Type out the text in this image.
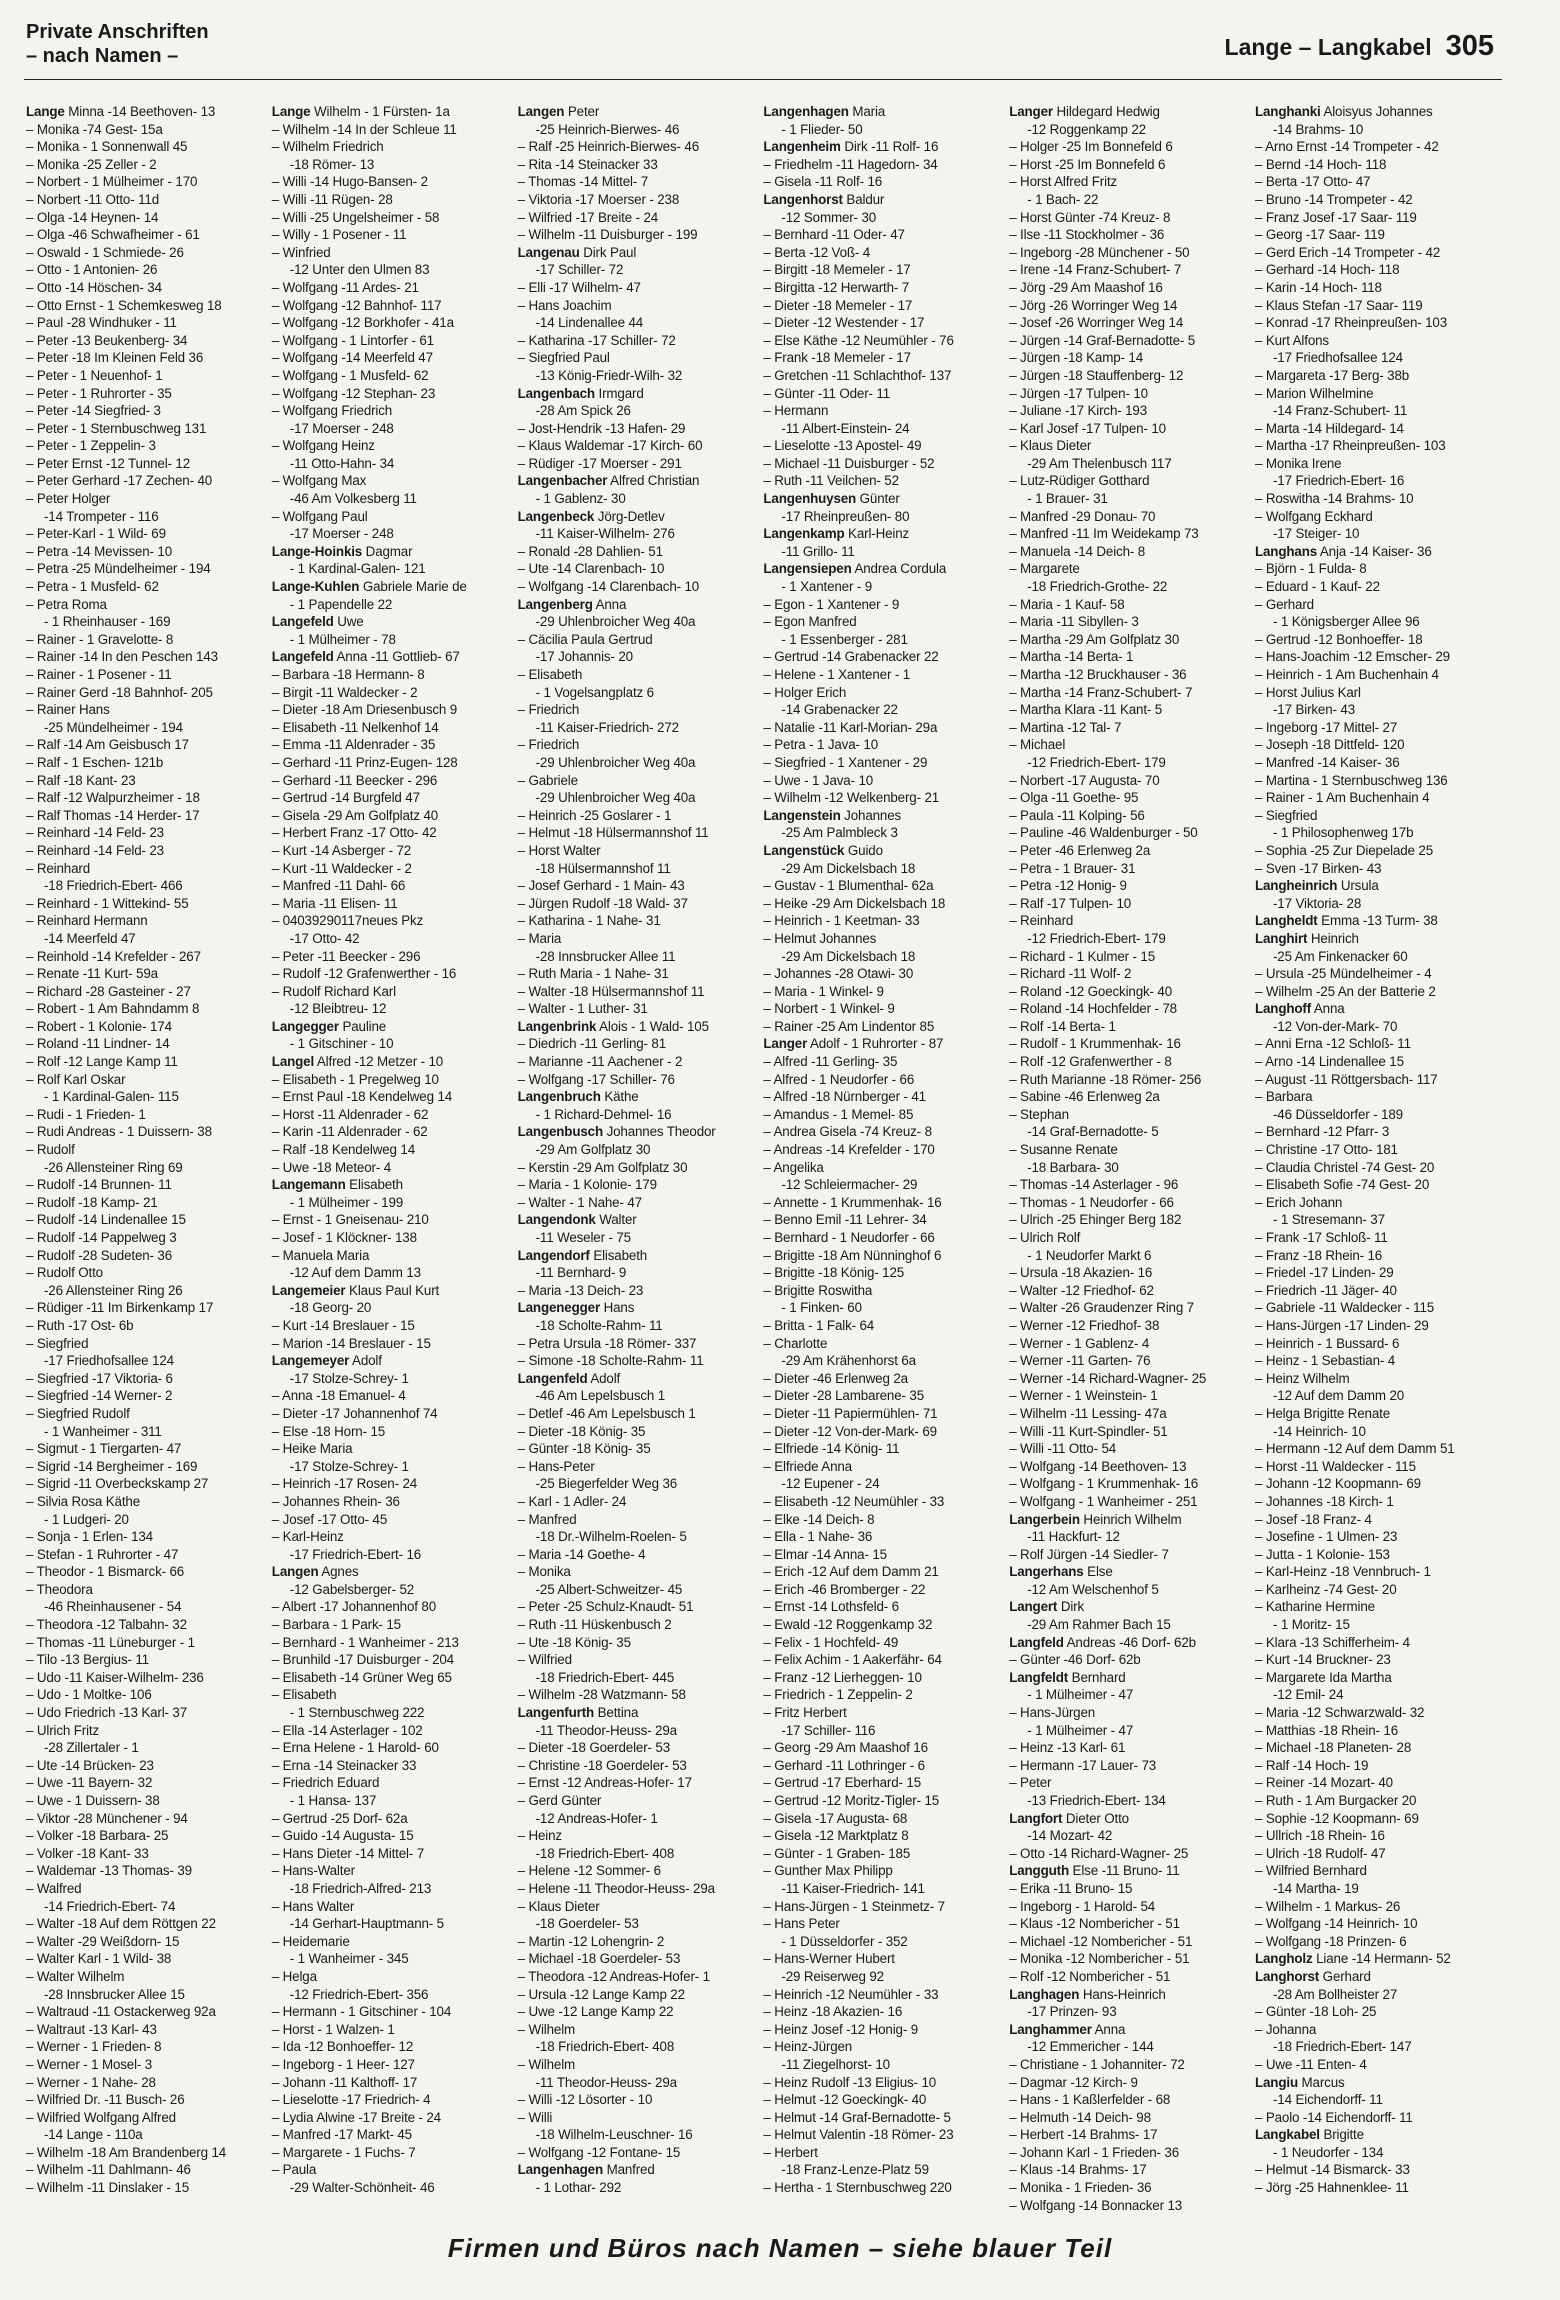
Private Anschriften
– nach Namen –	Lange – Langkabel 305
Lange Minna -14 Beethoven- 13
– Monika -74 Gest- 15a
– Monika - 1 Sonnenwall 45
– Monika -25 Zeller - 2
– Norbert - 1 Mülheimer - 170
– Norbert -11 Otto- 11d
– Olga -14 Heynen- 14
– Olga -46 Schwafheimer - 61
– Oswald - 1 Schmiede- 26
– Otto - 1 Antonien- 26
– Otto -14 Höschen- 34
– Otto Ernst - 1 Schemkesweg 18
– Paul -28 Windhuker - 11
– Peter -13 Beukenberg- 34
– Peter -18 Im Kleinen Feld 36
– Peter - 1 Neuenhof- 1
– Peter - 1 Ruhrorter - 35
– Peter -14 Siegfried- 3
– Peter - 1 Sternbuschweg 131
– Peter - 1 Zeppelin- 3
– Peter Ernst -12 Tunnel- 12
– Peter Gerhard -17 Zechen- 40
– Peter Holger
-14 Trompeter - 116
– Peter-Karl - 1 Wild- 69
– Petra -14 Mevissen- 10
– Petra -25 Mündelheimer - 194
– Petra - 1 Musfeld- 62
– Petra Roma
- 1 Rheinhauser - 169
– Rainer - 1 Gravelotte- 8
– Rainer -14 In den Peschen 143
– Rainer - 1 Posener - 11
– Rainer Gerd -18 Bahnhof- 205
– Rainer Hans
-25 Mündelheimer - 194
– Ralf -14 Am Geisbusch 17
– Ralf - 1 Eschen- 121b
– Ralf -18 Kant- 23
– Ralf -12 Walpurzheimer - 18
– Ralf Thomas -14 Herder- 17
– Reinhard -14 Feld- 23
– Reinhard -14 Feld- 23
– Reinhard
-18 Friedrich-Ebert- 466
– Reinhard - 1 Wittekind- 55
– Reinhard Hermann
-14 Meerfeld 47
– Reinhold -14 Krefelder - 267
– Renate -11 Kurt- 59a
– Richard -28 Gasteiner - 27
– Robert - 1 Am Bahndamm 8
– Robert - 1 Kolonie- 174
– Roland -11 Lindner- 14
– Rolf -12 Lange Kamp 11
– Rolf Karl Oskar
- 1 Kardinal-Galen- 115
– Rudi - 1 Frieden- 1
– Rudi Andreas - 1 Duissern- 38
– Rudolf
-26 Allensteiner Ring 69
– Rudolf -14 Brunnen- 11
– Rudolf -18 Kamp- 21
– Rudolf -14 Lindenallee 15
– Rudolf -14 Pappelweg 3
– Rudolf -28 Sudeten- 36
– Rudolf Otto
-26 Allensteiner Ring 26
– Rüdiger -11 Im Birkenkamp 17
– Ruth -17 Ost- 6b
– Siegfried
-17 Friedhofsallee 124
– Siegfried -17 Viktoria- 6
– Siegfried -14 Werner- 2
– Siegfried Rudolf
- 1 Wanheimer - 311
– Sigmut - 1 Tiergarten- 47
– Sigrid -14 Bergheimer - 169
– Sigrid -11 Overbeckskamp 27
– Silvia Rosa Käthe
- 1 Ludgeri- 20
– Sonja - 1 Erlen- 134
– Stefan - 1 Ruhrorter - 47
– Theodor - 1 Bismarck- 66
– Theodora
-46 Rheinhausener - 54
– Theodora -12 Talbahn- 32
– Thomas -11 Lüneburger - 1
– Tilo -13 Bergius- 11
– Udo -11 Kaiser-Wilhelm- 236
– Udo - 1 Moltke- 106
– Udo Friedrich -13 Karl- 37
– Ulrich Fritz
-28 Zillertaler - 1
– Ute -14 Brücken- 23
– Uwe -11 Bayern- 32
– Uwe - 1 Duissern- 38
– Viktor -28 Münchener - 94
– Volker -18 Barbara- 25
– Volker -18 Kant- 33
– Waldemar -13 Thomas- 39
– Walfred
-14 Friedrich-Ebert- 74
– Walter -18 Auf dem Röttgen 22
– Walter -29 Weißdorn- 15
– Walter Karl - 1 Wild- 38
– Walter Wilhelm
-28 Innsbrucker Allee 15
– Waltraud -11 Ostackerweg 92a
– Waltraut -13 Karl- 43
– Werner - 1 Frieden- 8
– Werner - 1 Mosel- 3
– Werner - 1 Nahe- 28
– Wilfried Dr. -11 Busch- 26
– Wilfried Wolfgang Alfred
-14 Lange - 110a
– Wilhelm -18 Am Brandenberg 14
– Wilhelm -11 Dahlmann- 46
– Wilhelm -11 Dinslaker - 15
Lange Wilhelm - 1 Fürsten- 1a
– Wilhelm -14 In der Schleue 11
– Wilhelm Friedrich
-18 Römer- 13
– Willi -14 Hugo-Bansen- 2
– Willi -11 Rügen- 28
– Willi -25 Ungelsheimer - 58
– Willy - 1 Posener - 11
– Winfried
-12 Unter den Ulmen 83
– Wolfgang -11 Ardes- 21
– Wolfgang -12 Bahnhof- 117
– Wolfgang -12 Borkhofer - 41a
– Wolfgang - 1 Lintorfer - 61
– Wolfgang -14 Meerfeld 47
– Wolfgang - 1 Musfeld- 62
– Wolfgang -12 Stephan- 23
– Wolfgang Friedrich
-17 Moerser - 248
– Wolfgang Heinz
-11 Otto-Hahn- 34
– Wolfgang Max
-46 Am Volkesberg 11
– Wolfgang Paul
-17 Moerser - 248
Lange-Hoinkis Dagmar
- 1 Kardinal-Galen- 121
Lange-Kuhlen Gabriele Marie de
- 1 Papendelle 22
Langefeld Uwe
- 1 Mülheimer - 78
Langefeld Anna -11 Gottlieb- 67
– Barbara -18 Hermann- 8
– Birgit -11 Waldecker - 2
– Dieter -18 Am Driesenbusch 9
– Elisabeth -11 Nelkenhof 14
– Emma -11 Aldenrader - 35
– Gerhard -11 Prinz-Eugen- 128
– Gerhard -11 Beecker - 296
– Gertrud -14 Burgfeld 47
– Gisela -29 Am Golfplatz 40
– Herbert Franz -17 Otto- 42
– Kurt -14 Asberger - 72
– Kurt -11 Waldecker - 2
– Manfred -11 Dahl- 66
– Maria -11 Elisen- 11
– 04039290117neues Pkz
-17 Otto- 42
– Peter -11 Beecker - 296
– Rudolf -12 Grafenwerther - 16
– Rudolf Richard Karl
-12 Bleibtreu- 12
Langegger Pauline
- 1 Gitschiner - 10
Langel Alfred -12 Metzer - 10
– Elisabeth - 1 Pregelweg 10
– Ernst Paul -18 Kendelweg 14
– Horst -11 Aldenrader - 62
– Karin -11 Aldenrader - 62
– Ralf -18 Kendelweg 14
– Uwe -18 Meteor- 4
Langemann Elisabeth
- 1 Mülheimer - 199
– Ernst - 1 Gneisenau- 210
– Josef - 1 Klöckner- 138
– Manuela Maria
-12 Auf dem Damm 13
Langemeier Klaus Paul Kurt
-18 Georg- 20
– Kurt -14 Breslauer - 15
– Marion -14 Breslauer - 15
Langemeyer Adolf
-17 Stolze-Schrey- 1
– Anna -18 Emanuel- 4
– Dieter -17 Johannenhof 74
– Else -18 Horn- 15
– Heike Maria
-17 Stolze-Schrey- 1
– Heinrich -17 Rosen- 24
– Johannes Rhein- 36
– Josef -17 Otto- 45
– Karl-Heinz
-17 Friedrich-Ebert- 16
Langen Agnes
-12 Gabelsberger- 52
– Albert -17 Johannenhof 80
– Barbara - 1 Park- 15
– Bernhard - 1 Wanheimer - 213
– Brunhild -17 Duisburger - 204
– Elisabeth -14 Grüner Weg 65
– Elisabeth
- 1 Sternbuschweg 222
– Ella -14 Asterlager - 102
– Erna Helene - 1 Harold- 60
– Erna -14 Steinacker 33
– Friedrich Eduard
- 1 Hansa- 137
– Gertrud -25 Dorf- 62a
– Guido -14 Augusta- 15
– Hans Dieter -14 Mittel- 7
– Hans-Walter
-18 Friedrich-Alfred- 213
– Hans Walter
-14 Gerhart-Hauptmann- 5
– Heidemarie
- 1 Wanheimer - 345
– Helga
-12 Friedrich-Ebert- 356
– Hermann - 1 Gitschiner - 104
– Horst - 1 Walzen- 1
– Ida -12 Bonhoeffer- 12
– Ingeborg - 1 Heer- 127
– Johann -11 Kalthoff- 17
– Lieselotte -17 Friedrich- 4
– Lydia Alwine -17 Breite - 24
– Manfred -17 Markt- 45
– Margarete - 1 Fuchs- 7
– Paula
-29 Walter-Schönheit- 46
Langen Peter
-25 Heinrich-Bierwes- 46
– Ralf -25 Heinrich-Bierwes- 46
– Rita -14 Steinacker 33
– Thomas -14 Mittel- 7
– Viktoria -17 Moerser - 238
– Wilfried -17 Breite - 24
– Wilhelm -11 Duisburger - 199
Langenau Dirk Paul
-17 Schiller- 72
– Elli -17 Wilhelm- 47
– Hans Joachim
-14 Lindenallee 44
– Katharina -17 Schiller- 72
– Siegfried Paul
-13 König-Friedr-Wilh- 32
Langenbach Irmgard
-28 Am Spick 26
– Jost-Hendrik -13 Hafen- 29
– Klaus Waldemar -17 Kirch- 60
– Rüdiger -17 Moerser - 291
Langenbacher Alfred Christian
- 1 Gablenz- 30
Langenbeck Jörg-Detlev
-11 Kaiser-Wilhelm- 276
– Ronald -28 Dahlien- 51
– Ute -14 Clarenbach- 10
– Wolfgang -14 Clarenbach- 10
Langenberg Anna
-29 Uhlenbroicher Weg 40a
– Cäcilia Paula Gertrud
-17 Johannis- 20
– Elisabeth
- 1 Vogelsangplatz 6
– Friedrich
-11 Kaiser-Friedrich- 272
– Friedrich
-29 Uhlenbroicher Weg 40a
– Gabriele
-29 Uhlenbroicher Weg 40a
– Heinrich -25 Goslarer - 1
– Helmut -18 Hülsermannshof 11
– Horst Walter
-18 Hülsermannshof 11
– Josef Gerhard - 1 Main- 43
– Jürgen Rudolf -18 Wald- 37
– Katharina - 1 Nahe- 31
– Maria
-28 Innsbrucker Allee 11
– Ruth Maria - 1 Nahe- 31
– Walter -18 Hülsermannshof 11
– Walter - 1 Luther- 31
Langenbrink Alois - 1 Wald- 105
– Diedrich -11 Gerling- 81
– Marianne -11 Aachener - 2
– Wolfgang -17 Schiller- 76
Langenbruch Käthe
- 1 Richard-Dehmel- 16
Langenbusch Johannes Theodor
-29 Am Golfplatz 30
– Kerstin -29 Am Golfplatz 30
– Maria - 1 Kolonie- 179
– Walter - 1 Nahe- 47
Langendonk Walter
-11 Weseler - 75
Langendorf Elisabeth
-11 Bernhard- 9
– Maria -13 Deich- 23
Langenegger Hans
-18 Scholte-Rahm- 11
– Petra Ursula -18 Römer- 337
– Simone -18 Scholte-Rahm- 11
Langenfeld Adolf
-46 Am Lepelsbusch 1
– Detlef -46 Am Lepelsbusch 1
– Dieter -18 König- 35
– Günter -18 König- 35
– Hans-Peter
-25 Biegerfelder Weg 36
– Karl - 1 Adler- 24
– Manfred
-18 Dr.-Wilhelm-Roelen- 5
– Maria -14 Goethe- 4
– Monika
-25 Albert-Schweitzer- 45
– Peter -25 Schulz-Knaudt- 51
– Ruth -11 Hüskenbusch 2
– Ute -18 König- 35
– Wilfried
-18 Friedrich-Ebert- 445
– Wilhelm -28 Watzmann- 58
Langenfurth Bettina
-11 Theodor-Heuss- 29a
– Dieter -18 Goerdeler- 53
– Christine -18 Goerdeler- 53
– Ernst -12 Andreas-Hofer- 17
– Gerd Günter
-12 Andreas-Hofer- 1
– Heinz
-18 Friedrich-Ebert- 408
– Helene -12 Sommer- 6
– Helene -11 Theodor-Heuss- 29a
– Klaus Dieter
-18 Goerdeler- 53
– Martin -12 Lohengrin- 2
– Michael -18 Goerdeler- 53
– Theodora -12 Andreas-Hofer- 1
– Ursula -12 Lange Kamp 22
– Uwe -12 Lange Kamp 22
– Wilhelm
-18 Friedrich-Ebert- 408
– Wilhelm
-11 Theodor-Heuss- 29a
– Willi -12 Lösorter - 10
– Willi
-18 Wilhelm-Leuschner- 16
– Wolfgang -12 Fontane- 15
Langenhagen Manfred
- 1 Lothar- 292
Langenhagen Maria
- 1 Flieder- 50
Langenheim Dirk -11 Rolf- 16
– Friedhelm -11 Hagedorn- 34
– Gisela -11 Rolf- 16
Langenhorst Baldur
-12 Sommer- 30
– Bernhard -11 Oder- 47
– Berta -12 Voß- 4
– Birgitt -18 Memeler - 17
– Birgitta -12 Herwarth- 7
– Dieter -18 Memeler - 17
– Dieter -12 Westender - 17
– Else Käthe -12 Neumühler - 76
– Frank -18 Memeler - 17
– Gretchen -11 Schlachthof- 137
– Günter -11 Oder- 11
– Hermann
-11 Albert-Einstein- 24
– Lieselotte -13 Apostel- 49
– Michael -11 Duisburger - 52
– Ruth -11 Veilchen- 52
Langenhuysen Günter
-17 Rheinpreußen- 80
Langenkamp Karl-Heinz
-11 Grillo- 11
Langensiepen Andrea Cordula
- 1 Xantener - 9
– Egon - 1 Xantener - 9
– Egon Manfred
- 1 Essenberger - 281
– Gertrud -14 Grabenacker 22
– Helene - 1 Xantener - 1
– Holger Erich
-14 Grabenacker 22
– Natalie -11 Karl-Morian- 29a
– Petra - 1 Java- 10
– Siegfried - 1 Xantener - 29
– Uwe - 1 Java- 10
– Wilhelm -12 Welkenberg- 21
Langenstein Johannes
-25 Am Palmbleck 3
Langenstück Guido
-29 Am Dickelsbach 18
– Gustav - 1 Blumenthal- 62a
– Heike -29 Am Dickelsbach 18
– Heinrich - 1 Keetman- 33
– Helmut Johannes
-29 Am Dickelsbach 18
– Johannes -28 Otawi- 30
– Maria - 1 Winkel- 9
– Norbert - 1 Winkel- 9
– Rainer -25 Am Lindentor 85
Langer Adolf - 1 Ruhrorter - 87
– Alfred -11 Gerling- 35
– Alfred - 1 Neudorfer - 66
– Alfred -18 Nürnberger - 41
– Amandus - 1 Memel- 85
– Andrea Gisela -74 Kreuz- 8
– Andreas -14 Krefelder - 170
– Angelika
-12 Schleiermacher- 29
– Annette - 1 Krummenhak- 16
– Benno Emil -11 Lehrer- 34
– Bernhard - 1 Neudorfer - 66
– Brigitte -18 Am Nünninghof 6
– Brigitte -18 König- 125
– Brigitte Roswitha
- 1 Finken- 60
– Britta - 1 Falk- 64
– Charlotte
-29 Am Krähenhorst 6a
– Dieter -46 Erlenweg 2a
– Dieter -28 Lambarene- 35
– Dieter -11 Papiermühlen- 71
– Dieter -12 Von-der-Mark- 69
– Elfriede -14 König- 11
– Elfriede Anna
-12 Eupener - 24
– Elisabeth -12 Neumühler - 33
– Elke -14 Deich- 8
– Ella - 1 Nahe- 36
– Elmar -14 Anna- 15
– Erich -12 Auf dem Damm 21
– Erich -46 Bromberger - 22
– Ernst -14 Lothsfeld- 6
– Ewald -12 Roggenkamp 32
– Felix - 1 Hochfeld- 49
– Felix Achim - 1 Aakerfähr- 64
– Franz -12 Lierheggen- 10
– Friedrich - 1 Zeppelin- 2
– Fritz Herbert
-17 Schiller- 116
– Georg -29 Am Maashof 16
– Gerhard -11 Lothringer - 6
– Gertrud -17 Eberhard- 15
– Gertrud -12 Moritz-Tigler- 15
– Gisela -17 Augusta- 68
– Gisela -12 Marktplatz 8
– Günter - 1 Graben- 185
– Gunther Max Philipp
-11 Kaiser-Friedrich- 141
– Hans-Jürgen - 1 Steinmetz- 7
– Hans Peter
- 1 Düsseldorfer - 352
– Hans-Werner Hubert
-29 Reiserweg 92
– Heinrich -12 Neumühler - 33
– Heinz -18 Akazien- 16
– Heinz Josef -12 Honig- 9
– Heinz-Jürgen
-11 Ziegelhorst- 10
– Heinz Rudolf -13 Eligius- 10
– Helmut -12 Goeckingk- 40
– Helmut -14 Graf-Bernadotte- 5
– Helmut Valentin -18 Römer- 23
– Herbert
-18 Franz-Lenze-Platz 59
– Hertha - 1 Sternbuschweg 220
Langer Hildegard Hedwig
-12 Roggenkamp 22
– Holger -25 Im Bonnefeld 6
– Horst -25 Im Bonnefeld 6
– Horst Alfred Fritz
- 1 Bach- 22
– Horst Günter -74 Kreuz- 8
– Ilse -11 Stockholmer - 36
– Ingeborg -28 Münchener - 50
– Irene -14 Franz-Schubert- 7
– Jörg -29 Am Maashof 16
– Jörg -26 Worringer Weg 14
– Josef -26 Worringer Weg 14
– Jürgen -14 Graf-Bernadotte- 5
– Jürgen -18 Kamp- 14
– Jürgen -18 Stauffenberg- 12
– Jürgen -17 Tulpen- 10
– Juliane -17 Kirch- 193
– Karl Josef -17 Tulpen- 10
– Klaus Dieter
-29 Am Thelenbusch 117
– Lutz-Rüdiger Gotthard
- 1 Brauer- 31
– Manfred -29 Donau- 70
– Manfred -11 Im Weidekamp 73
– Manuela -14 Deich- 8
– Margarete
-18 Friedrich-Grothe- 22
– Maria - 1 Kauf- 58
– Maria -11 Sibyllen- 3
– Martha -29 Am Golfplatz 30
– Martha -14 Berta- 1
– Martha -12 Bruckhauser - 36
– Martha -14 Franz-Schubert- 7
– Martha Klara -11 Kant- 5
– Martina -12 Tal- 7
– Michael
-12 Friedrich-Ebert- 179
– Norbert -17 Augusta- 70
– Olga -11 Goethe- 95
– Paula -11 Kolping- 56
– Pauline -46 Waldenburger - 50
– Peter -46 Erlenweg 2a
– Petra - 1 Brauer- 31
– Petra -12 Honig- 9
– Ralf -17 Tulpen- 10
– Reinhard
-12 Friedrich-Ebert- 179
– Richard - 1 Kulmer - 15
– Richard -11 Wolf- 2
– Roland -12 Goeckingk- 40
– Roland -14 Hochfelder - 78
– Rolf -14 Berta- 1
– Rudolf - 1 Krummenhak- 16
– Rolf -12 Grafenwerther - 8
– Ruth Marianne -18 Römer- 256
– Sabine -46 Erlenweg 2a
– Stephan
-14 Graf-Bernadotte- 5
– Susanne Renate
-18 Barbara- 30
– Thomas -14 Asterlager - 96
– Thomas - 1 Neudorfer - 66
– Ulrich -25 Ehinger Berg 182
– Ulrich Rolf
- 1 Neudorfer Markt 6
– Ursula -18 Akazien- 16
– Walter -12 Friedhof- 62
– Walter -26 Graudenzer Ring 7
– Werner -12 Friedhof- 38
– Werner - 1 Gablenz- 4
– Werner -11 Garten- 76
– Werner -14 Richard-Wagner- 25
– Werner - 1 Weinstein- 1
– Wilhelm -11 Lessing- 47a
– Willi -11 Kurt-Spindler- 51
– Willi -11 Otto- 54
– Wolfgang -14 Beethoven- 13
– Wolfgang - 1 Krummenhak- 16
– Wolfgang - 1 Wanheimer - 251
Langerbein Heinrich Wilhelm
-11 Hackfurt- 12
– Rolf Jürgen -14 Siedler- 7
Langerhans Else
-12 Am Welschenhof 5
Langert Dirk
-29 Am Rahmer Bach 15
Langfeld Andreas -46 Dorf- 62b
– Günter -46 Dorf- 62b
Langfeldt Bernhard
- 1 Mülheimer - 47
– Hans-Jürgen
- 1 Mülheimer - 47
– Heinz -13 Karl- 61
– Hermann -17 Lauer- 73
– Peter
-13 Friedrich-Ebert- 134
Langfort Dieter Otto
-14 Mozart- 42
– Otto -14 Richard-Wagner- 25
Langguth Else -11 Bruno- 11
– Erika -11 Bruno- 15
– Ingeborg - 1 Harold- 54
– Klaus -12 Nombericher - 51
– Michael -12 Nombericher - 51
– Monika -12 Nombericher - 51
– Rolf -12 Nombericher - 51
Langhagen Hans-Heinrich
-17 Prinzen- 93
Langhammer Anna
-12 Emmericher - 144
– Christiane - 1 Johanniter- 72
– Dagmar -12 Kirch- 9
– Hans - 1 Kaßlerfelder - 68
– Helmuth -14 Deich- 98
– Herbert -14 Brahms- 17
– Johann Karl - 1 Frieden- 36
– Klaus -14 Brahms- 17
– Monika - 1 Frieden- 36
– Wolfgang -14 Bonnacker 13
Langhanki Aloisyus Johannes
-14 Brahms- 10
– Arno Ernst -14 Trompeter - 42
– Bernd -14 Hoch- 118
– Berta -17 Otto- 47
– Bruno -14 Trompeter - 42
– Franz Josef -17 Saar- 119
– Georg -17 Saar- 119
– Gerd Erich -14 Trompeter - 42
– Gerhard -14 Hoch- 118
– Karin -14 Hoch- 118
– Klaus Stefan -17 Saar- 119
– Konrad -17 Rheinpreußen- 103
– Kurt Alfons
-17 Friedhofsallee 124
– Margareta -17 Berg- 38b
– Marion Wilhelmine
-14 Franz-Schubert- 11
– Marta -14 Hildegard- 14
– Martha -17 Rheinpreußen- 103
– Monika Irene
-17 Friedrich-Ebert- 16
– Roswitha -14 Brahms- 10
– Wolfgang Eckhard
-17 Steiger- 10
Langhans Anja -14 Kaiser- 36
– Björn - 1 Fulda- 8
– Eduard - 1 Kauf- 22
– Gerhard
- 1 Königsberger Allee 96
– Gertrud -12 Bonhoeffer- 18
– Hans-Joachim -12 Emscher- 29
– Heinrich - 1 Am Buchenhain 4
– Horst Julius Karl
-17 Birken- 43
– Ingeborg -17 Mittel- 27
– Joseph -18 Dittfeld- 120
– Manfred -14 Kaiser- 36
– Martina - 1 Sternbuschweg 136
– Rainer - 1 Am Buchenhain 4
– Siegfried
- 1 Philosophenweg 17b
– Sophia -25 Zur Diepelade 25
– Sven -17 Birken- 43
Langheinrich Ursula
-17 Viktoria- 28
Langheldt Emma -13 Turm- 38
Langhirt Heinrich
-25 Am Finkenacker 60
– Ursula -25 Mündelheimer - 4
– Wilhelm -25 An der Batterie 2
Langhoff Anna
-12 Von-der-Mark- 70
– Anni Erna -12 Schloß- 11
– Arno -14 Lindenallee 15
– August -11 Röttgersbach- 117
– Barbara
-46 Düsseldorfer - 189
– Bernhard -12 Pfarr- 3
– Christine -17 Otto- 181
– Claudia Christel -74 Gest- 20
– Elisabeth Sofie -74 Gest- 20
– Erich Johann
- 1 Stresemann- 37
– Frank -17 Schloß- 11
– Franz -18 Rhein- 16
– Friedel -17 Linden- 29
– Friedrich -11 Jäger- 40
– Gabriele -11 Waldecker - 115
– Hans-Jürgen -17 Linden- 29
– Heinrich - 1 Bussard- 6
– Heinz - 1 Sebastian- 4
– Heinz Wilhelm
-12 Auf dem Damm 20
– Helga Brigitte Renate
-14 Heinrich- 10
– Hermann -12 Auf dem Damm 51
– Horst -11 Waldecker - 115
– Johann -12 Koopmann- 69
– Johannes -18 Kirch- 1
– Josef -18 Franz- 4
– Josefine - 1 Ulmen- 23
– Jutta - 1 Kolonie- 153
– Karl-Heinz -18 Vennbruch- 1
– Karlheinz -74 Gest- 20
– Katharine Hermine
- 1 Moritz- 15
– Klara -13 Schifferheim- 4
– Kurt -14 Bruckner- 23
– Margarete Ida Martha
-12 Emil- 24
– Maria -12 Schwarzwald- 32
– Matthias -18 Rhein- 16
– Michael -18 Planeten- 28
– Ralf -14 Hoch- 19
– Reiner -14 Mozart- 40
– Ruth - 1 Am Burgacker 20
– Sophie -12 Koopmann- 69
– Ullrich -18 Rhein- 16
– Ulrich -18 Rudolf- 47
– Wilfried Bernhard
-14 Martha- 19
– Wilhelm - 1 Markus- 26
– Wolfgang -14 Heinrich- 10
– Wolfgang -18 Prinzen- 6
Langholz Liane -14 Hermann- 52
Langhorst Gerhard
-28 Am Bollheister 27
– Günter -18 Loh- 25
– Johanna
-18 Friedrich-Ebert- 147
– Uwe -11 Enten- 4
Langiu Marcus
-14 Eichendorff- 11
– Paolo -14 Eichendorff- 11
Langkabel Brigitte
- 1 Neudorfer - 134
– Helmut -14 Bismarck- 33
– Jörg -25 Hahnenklee- 11
Firmen und Büros nach Namen – siehe blauer Teil
